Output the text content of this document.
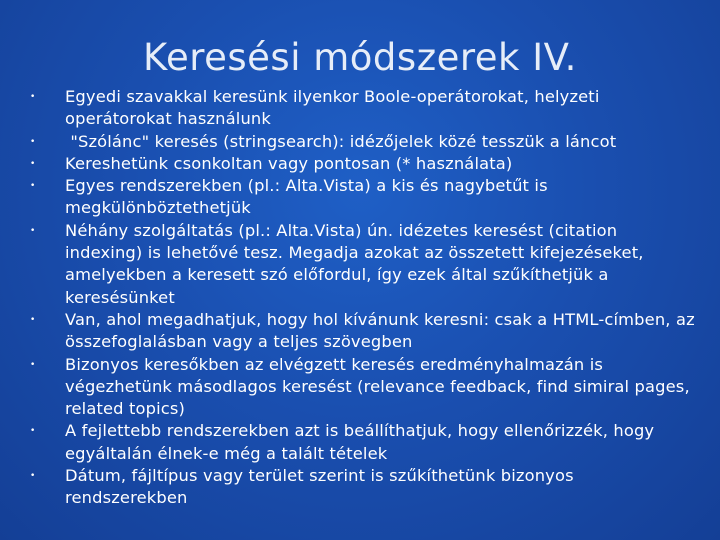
Keresési módszerek IV.
• Egyedi szavakkal keresünk ilyenkor Boole-operátorokat, helyzeti operátorokat használunk
• "Szólánc" keresés (stringsearch): idézőjelek közé tesszük a láncot
• Kereshetünk csonkoltan vagy pontosan (* használata)
• Egyes rendszerekben (pl.: Alta.Vista) a kis és nagybetűt is megkülönböztethetjük
• Néhány szolgáltatás (pl.: Alta.Vista) ún. idézetes keresést (citation indexing) is lehetővé tesz. Megadja azokat az összetett kifejezéseket, amelyekben a keresett szó előfordul, így ezek által szűkíthetjük a keresésünket
• Van, ahol megadhatjuk, hogy hol kívánunk keresni: csak a HTML-címben, az összefoglalásban vagy a teljes szövegben
• Bizonyos keresőkben az elvégzett keresés eredményhalmazán is végezhetünk másodlagos keresést (relevance feedback, find simiral pages, related topics)
• A fejlettebb rendszerekben azt is beállíthatjuk, hogy ellenőrizzék, hogy egyáltalán élnek-e még a talált tételek
• Dátum, fájltípus vagy terület szerint is szűkíthetünk bizonyos rendszerekben
